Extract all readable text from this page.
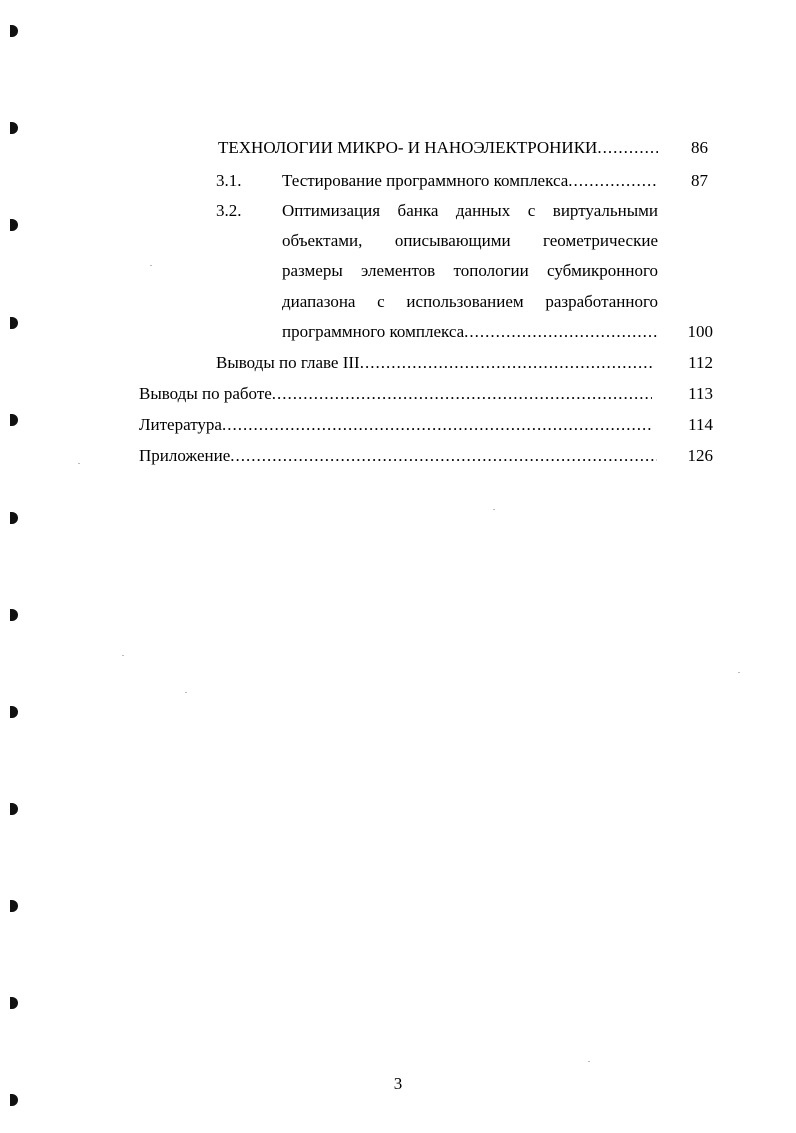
ТЕХНОЛОГИИ МИКРО- И НАНОЭЛЕКТРОНИКИ .....	86
3.1. Тестирование программного комплекса .....	87
3.2. Оптимизация банка данных с виртуальными
объектами, описывающими геометрические
размеры элементов топологии субмикронного
диапазона с использованием разработанного
программного комплекса .....	100
Выводы по главе III .....	112
Выводы по работе .....	113
Литература .....	114
Приложение .....	126
3
